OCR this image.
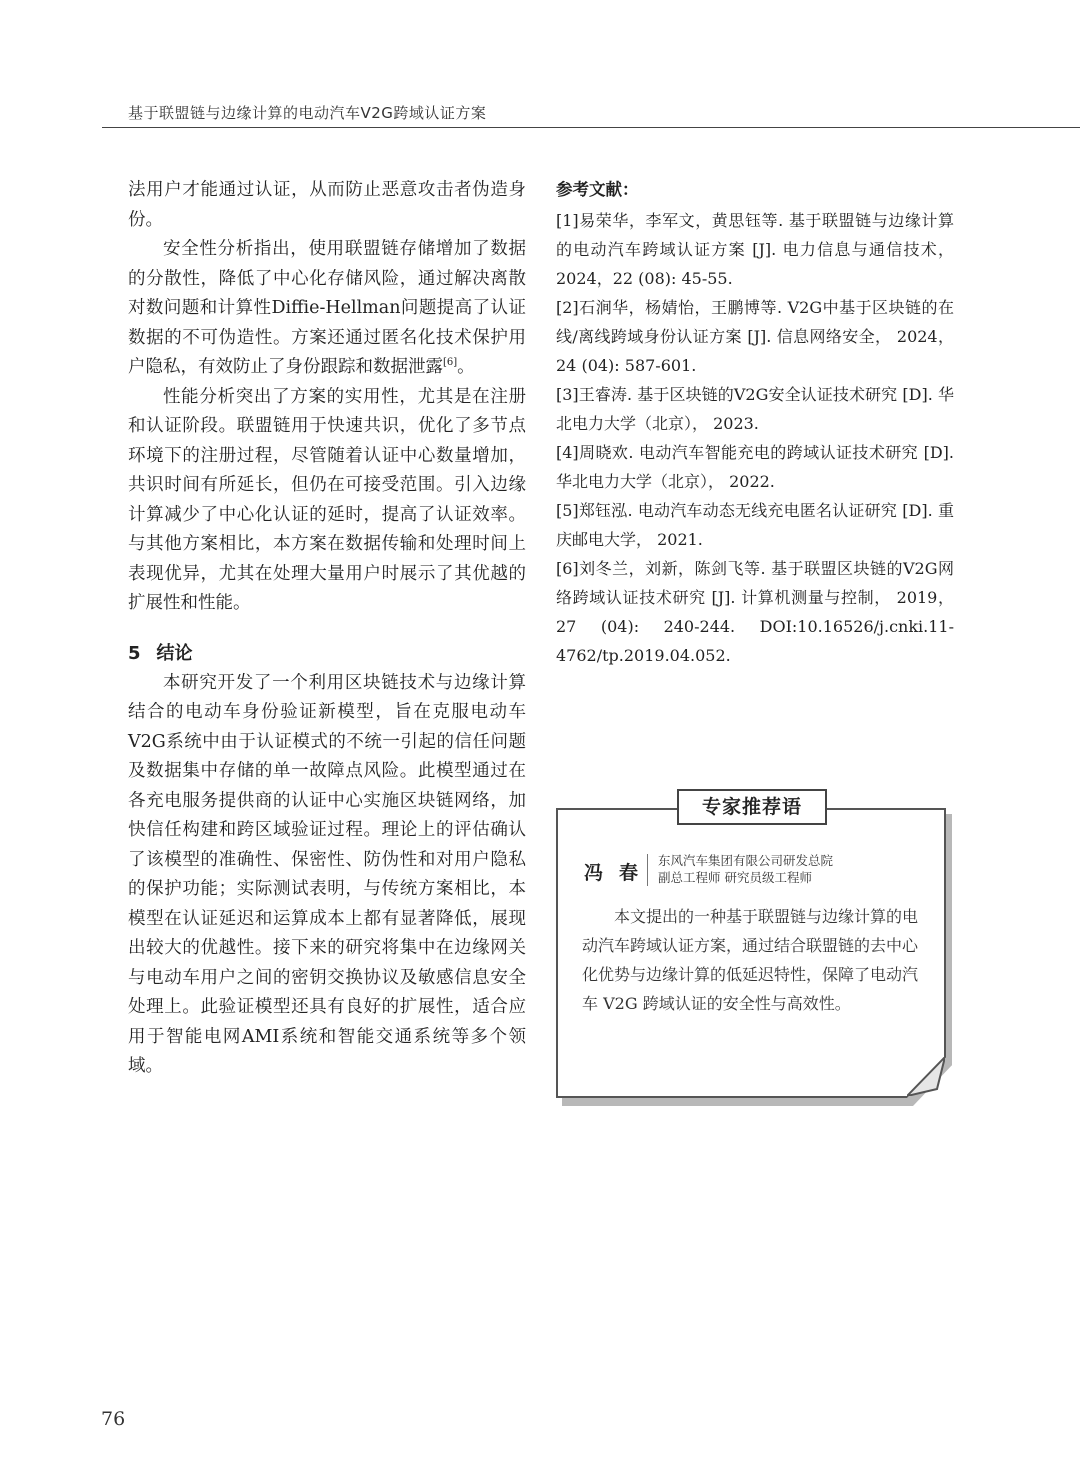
基于联盟链与边缘计算的电动汽车V2G跨域认证方案

法用户才能通过认证，从而防止恶意攻击者伪造身份。

安全性分析指出，使用联盟链存储增加了数据的分散性，降低了中心化存储风险，通过解决离散对数问题和计算性Diffie-Hellman问题提高了认证数据的不可伪造性。方案还通过匿名化技术保护用户隐私，有效防止了身份跟踪和数据泄露[6]。

性能分析突出了方案的实用性，尤其是在注册和认证阶段。联盟链用于快速共识，优化了多节点环境下的注册过程，尽管随着认证中心数量增加，共识时间有所延长，但仍在可接受范围。引入边缘计算减少了中心化认证的延时，提高了认证效率。与其他方案相比，本方案在数据传输和处理时间上表现优异，尤其在处理大量用户时展示了其优越的扩展性和性能。

5 结论

本研究开发了一个利用区块链技术与边缘计算结合的电动车身份验证新模型，旨在克服电动车V2G系统中由于认证模式的不统一引起的信任问题及数据集中存储的单一故障点风险。此模型通过在各充电服务提供商的认证中心实施区块链网络，加快信任构建和跨区域验证过程。理论上的评估确认了该模型的准确性、保密性、防伪性和对用户隐私的保护功能；实际测试表明，与传统方案相比，本模型在认证延迟和运算成本上都有显著降低，展现出较大的优越性。接下来的研究将集中在边缘网关与电动车用户之间的密钥交换协议及敏感信息安全处理上。此验证模型还具有良好的扩展性，适合应用于智能电网AMI系统和智能交通系统等多个领域。

参考文献：

[1]易荣华，李军文，黄思钰等. 基于联盟链与边缘计算的电动汽车跨域认证方案 [J]. 电力信息与通信技术，2024，22 (08): 45-55.

[2]石涧华，杨婧怡，王鹏博等. V2G中基于区块链的在线/离线跨域身份认证方案 [J]. 信息网络安全， 2024， 24 (04): 587-601.

[3]王睿涛. 基于区块链的V2G安全认证技术研究 [D]. 华北电力大学（北京）， 2023.

[4]周晓欢. 电动汽车智能充电的跨域认证技术研究 [D]. 华北电力大学（北京）， 2022.

[5]郑钰泓. 电动汽车动态无线充电匿名认证研究 [D]. 重庆邮电大学， 2021.

[6]刘冬兰，刘新，陈剑飞等. 基于联盟区块链的V2G网络跨域认证技术研究 [J]. 计算机测量与控制， 2019， 27 (04): 240-244. DOI:10.16526/j.cnki.11-4762/tp.2019.04.052.

专家推荐语
冯春
东风汽车集团有限公司研发总院
副总工程师 研究员级工程师

本文提出的一种基于联盟链与边缘计算的电动汽车跨域认证方案，通过结合联盟链的去中心化优势与边缘计算的低延迟特性，保障了电动汽车 V2G 跨域认证的安全性与高效性。

76
